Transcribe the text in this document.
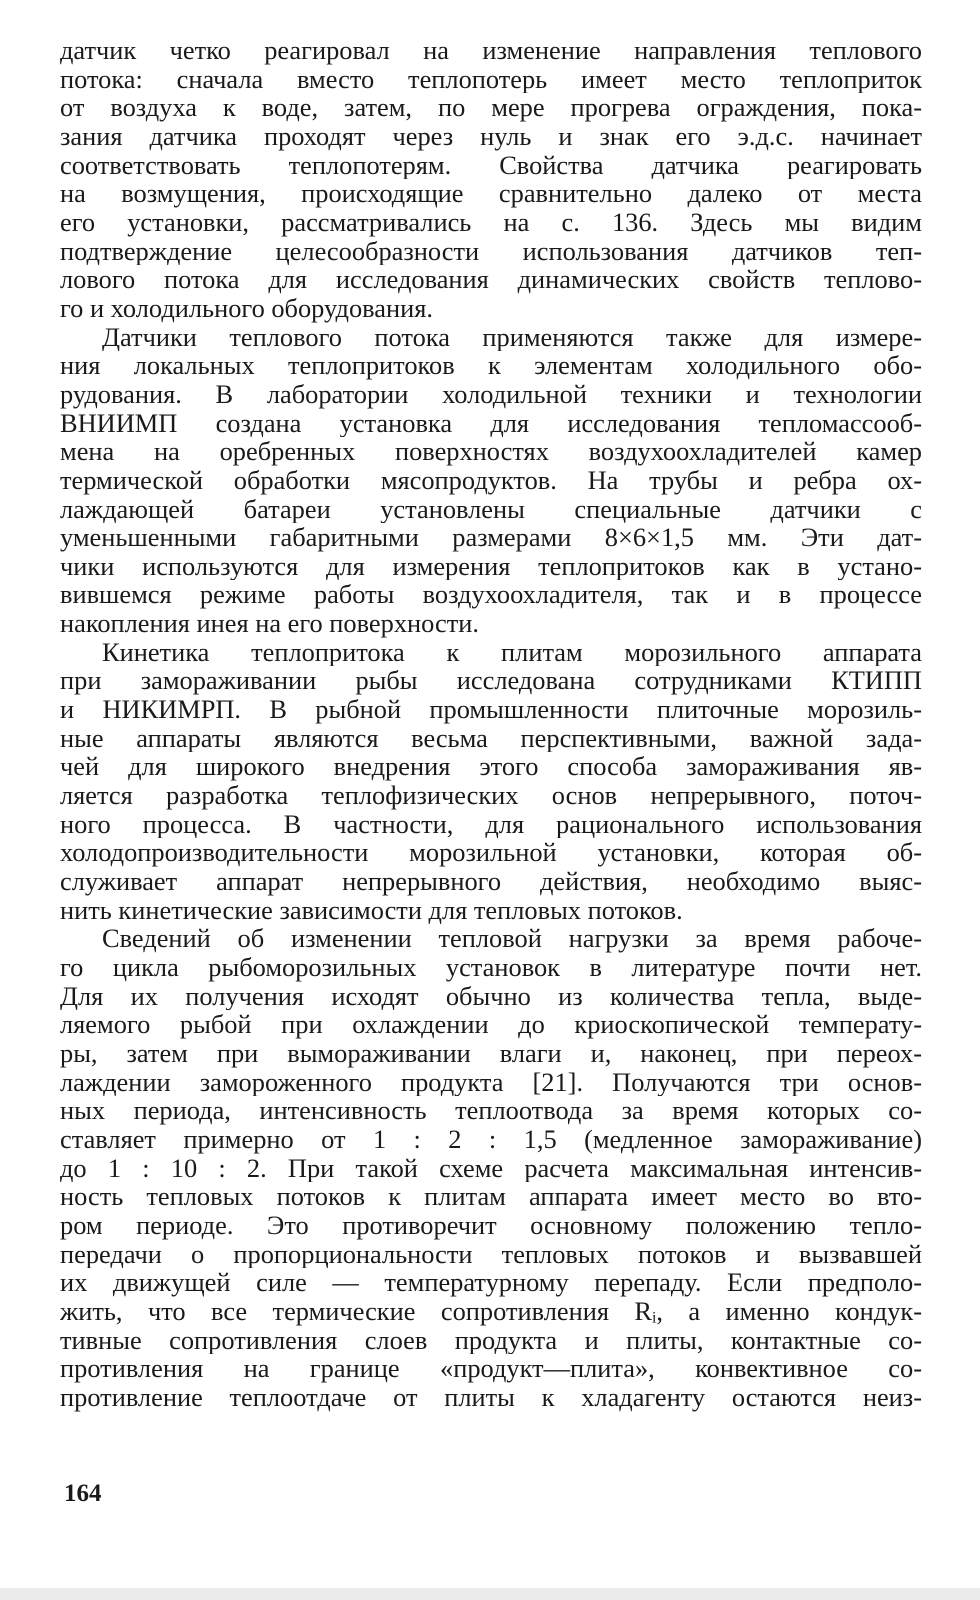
датчик четко реагировал на изменение направления теплового
потока: сначала вместо теплопотерь имеет место теплоприток
от воздуха к воде, затем, по мере прогрева ограждения, пока-
зания датчика проходят через нуль и знак его э.д.с. начинает
соответствовать теплопотерям. Свойства датчика реагировать
на возмущения, происходящие сравнительно далеко от места
его установки, рассматривались на с. 136. Здесь мы видим
подтверждение целесообразности использования датчиков теп-
лового потока для исследования динамических свойств теплово-
го и холодильного оборудования.
Датчики теплового потока применяются также для измере-
ния локальных теплопритоков к элементам холодильного обо-
рудования. В лаборатории холодильной техники и технологии
ВНИИМП создана установка для исследования тепломассооб-
мена на оребренных поверхностях воздухоохладителей камер
термической обработки мясопродуктов. На трубы и ребра ох-
лаждающей батареи установлены специальные датчики с
уменьшенными габаритными размерами 8×6×1,5 мм. Эти дат-
чики используются для измерения теплопритоков как в устано-
вившемся режиме работы воздухоохладителя, так и в процессе
накопления инея на его поверхности.
Кинетика теплопритока к плитам морозильного аппарата
при замораживании рыбы исследована сотрудниками КТИПП
и НИКИМРП. В рыбной промышленности плиточные морозиль-
ные аппараты являются весьма перспективными, важной зада-
чей для широкого внедрения этого способа замораживания яв-
ляется разработка теплофизических основ непрерывного, поточ-
ного процесса. В частности, для рационального использования
холодопроизводительности морозильной установки, которая об-
служивает аппарат непрерывного действия, необходимо выяс-
нить кинетические зависимости для тепловых потоков.
Сведений об изменении тепловой нагрузки за время рабоче-
го цикла рыбоморозильных установок в литературе почти нет.
Для их получения исходят обычно из количества тепла, выде-
ляемого рыбой при охлаждении до криоскопической температу-
ры, затем при вымораживании влаги и, наконец, при переох-
лаждении замороженного продукта [21]. Получаются три основ-
ных периода, интенсивность теплоотвода за время которых со-
ставляет примерно от 1 : 2 : 1,5 (медленное замораживание)
до 1 : 10 : 2. При такой схеме расчета максимальная интенсив-
ность тепловых потоков к плитам аппарата имеет место во вто-
ром периоде. Это противоречит основному положению тепло-
передачи о пропорциональности тепловых потоков и вызвавшей
их движущей силе — температурному перепаду. Если предполо-
жить, что все термические сопротивления Rᵢ, а именно кондук-
тивные сопротивления слоев продукта и плиты, контактные со-
противления на границе «продукт—плита», конвективное со-
противление теплоотдаче от плиты к хладагенту остаются неиз-
164
